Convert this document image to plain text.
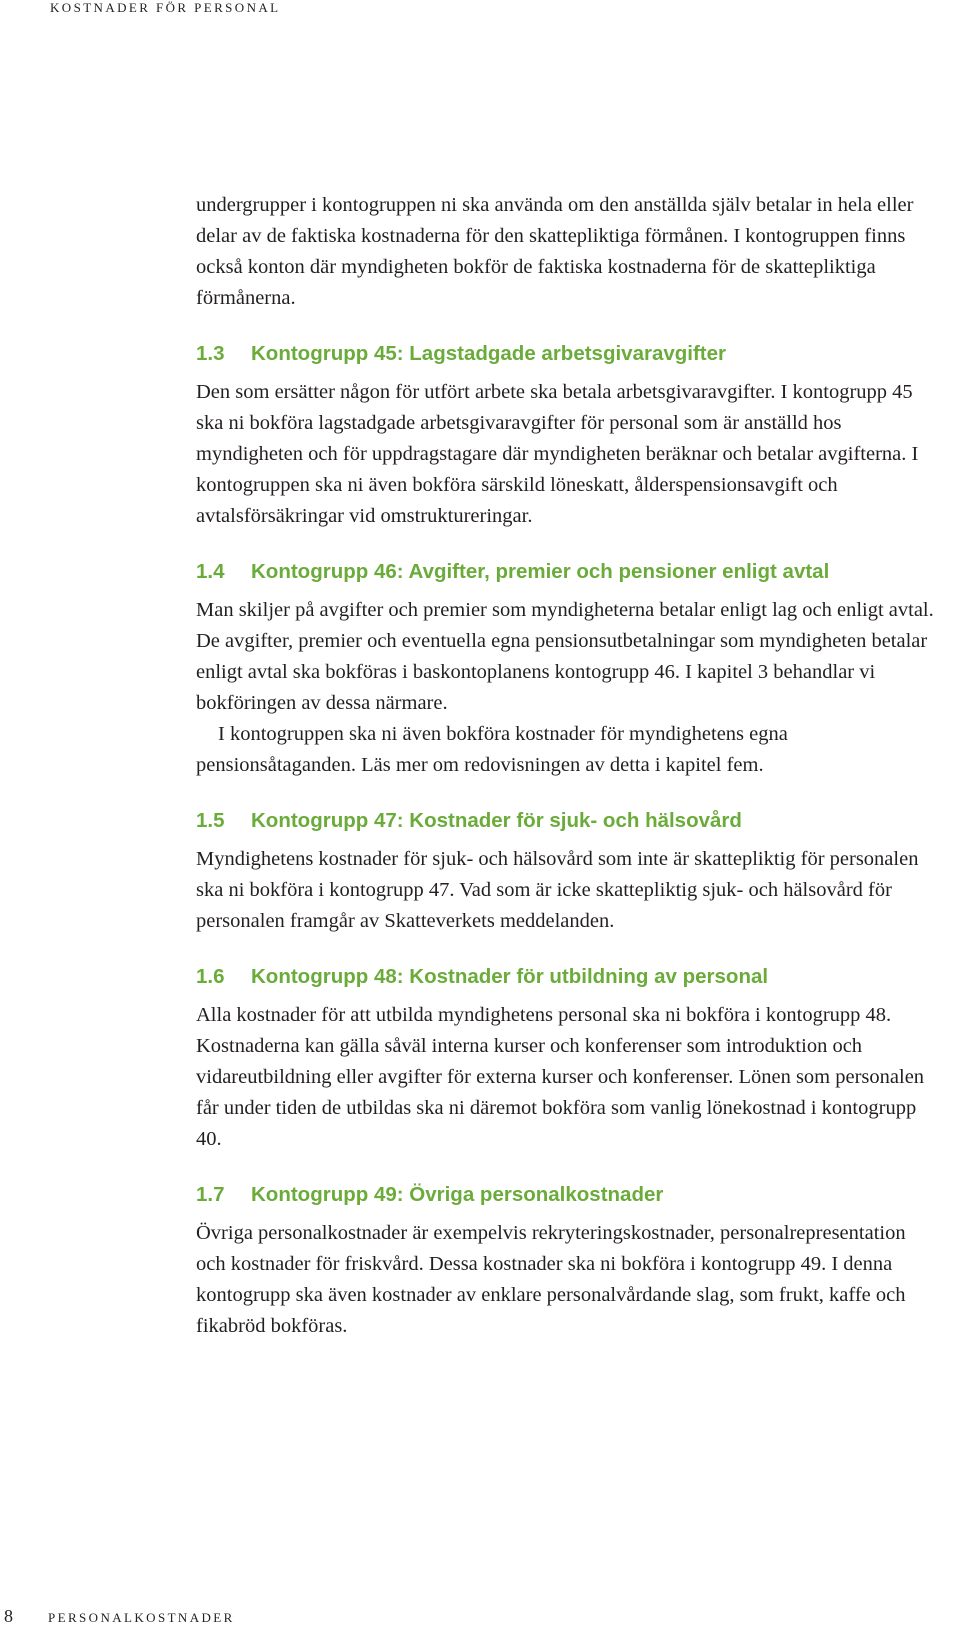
KOSTNADER FÖR PERSONAL

undergrupper i kontogruppen ni ska använda om den anställda själv betalar in hela eller delar av de faktiska kostnaderna för den skattepliktiga förmånen. I kontogruppen finns också konton där myndigheten bokför de faktiska kostnaderna för de skattepliktiga förmånerna.

1.3 Kontogrupp 45: Lagstadgade arbetsgivaravgifter

Den som ersätter någon för utfört arbete ska betala arbetsgivaravgifter. I kontogrupp 45 ska ni bokföra lagstadgade arbetsgivaravgifter för personal som är anställd hos myndigheten och för uppdragstagare där myndigheten beräknar och betalar avgifterna. I kontogruppen ska ni även bokföra särskild löneskatt, ålderspensionsavgift och avtalsförsäkringar vid omstruktureringar.

1.4 Kontogrupp 46: Avgifter, premier och pensioner enligt avtal

Man skiljer på avgifter och premier som myndigheterna betalar enligt lag och enligt avtal. De avgifter, premier och eventuella egna pensionsutbetalningar som myndigheten betalar enligt avtal ska bokföras i baskontoplanens kontogrupp 46. I kapitel 3 behandlar vi bokföringen av dessa närmare.

I kontogruppen ska ni även bokföra kostnader för myndighetens egna pensionsåtaganden. Läs mer om redovisningen av detta i kapitel fem.

1.5 Kontogrupp 47: Kostnader för sjuk- och hälsovård

Myndighetens kostnader för sjuk- och hälsovård som inte är skattepliktig för personalen ska ni bokföra i kontogrupp 47. Vad som är icke skattepliktig sjuk- och hälsovård för personalen framgår av Skatteverkets meddelanden.

1.6 Kontogrupp 48: Kostnader för utbildning av personal

Alla kostnader för att utbilda myndighetens personal ska ni bokföra i kontogrupp 48. Kostnaderna kan gälla såväl interna kurser och konferenser som introduktion och vidareutbildning eller avgifter för externa kurser och konferenser. Lönen som personalen får under tiden de utbildas ska ni däremot bokföra som vanlig lönekostnad i kontogrupp 40.

1.7 Kontogrupp 49: Övriga personalkostnader

Övriga personalkostnader är exempelvis rekryteringskostnader, personalrepresentation och kostnader för friskvård. Dessa kostnader ska ni bokföra i kontogrupp 49. I denna kontogrupp ska även kostnader av enklare personalvårdande slag, som frukt, kaffe och fikabröd bokföras.

8	PERSONALKOSTNADER
